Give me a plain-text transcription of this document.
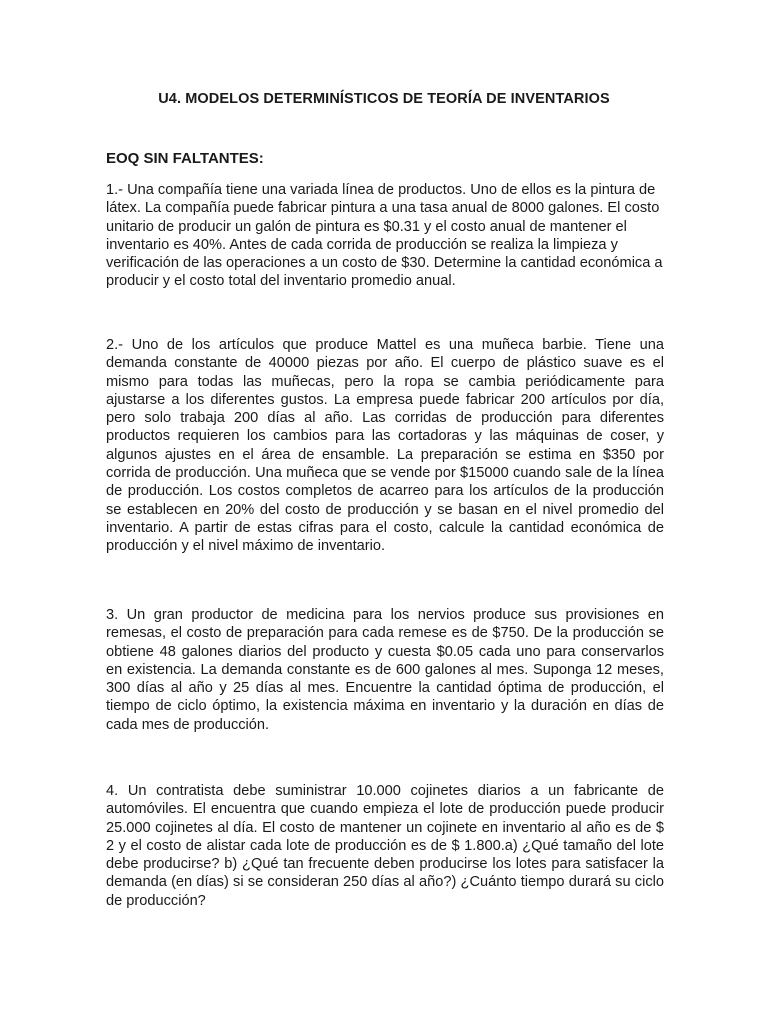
U4. MODELOS DETERMINÍSTICOS DE TEORÍA DE INVENTARIOS
EOQ SIN FALTANTES:

1.- Una compañía tiene una variada línea de productos. Uno de ellos es la pintura de látex. La compañía puede fabricar pintura a una tasa anual de 8000 galones. El costo unitario de producir un galón de pintura es $0.31 y el costo anual de mantener el inventario es 40%. Antes de cada corrida de producción se realiza la limpieza y verificación de las operaciones a un costo de $30. Determine la cantidad económica a producir y el costo total del inventario promedio anual.

2.- Uno de los artículos que produce Mattel es una muñeca barbie. Tiene una demanda constante de 40000 piezas por año. El cuerpo de plástico suave es el mismo para todas las muñecas, pero la ropa se cambia periódicamente para ajustarse a los diferentes gustos. La empresa puede fabricar 200 artículos por día, pero solo trabaja 200 días al año. Las corridas de producción para diferentes productos requieren los cambios para las cortadoras y las máquinas de coser, y algunos ajustes en el área de ensamble. La preparación se estima en $350 por corrida de producción. Una muñeca que se vende por $15000 cuando sale de la línea de producción. Los costos completos de acarreo para los artículos de la producción se establecen en 20% del costo de producción y se basan en el nivel promedio del inventario. A partir de estas cifras para el costo, calcule la cantidad económica de producción y el nivel máximo de inventario.

3. Un gran productor de medicina para los nervios produce sus provisiones en remesas, el costo de preparación para cada remese es de $750. De la producción se obtiene 48 galones diarios del producto y cuesta $0.05 cada uno para conservarlos en existencia. La demanda constante es de 600 galones al mes. Suponga 12 meses, 300 días al año y 25 días al mes. Encuentre la cantidad óptima de producción, el tiempo de ciclo óptimo, la existencia máxima en inventario y la duración en días de cada mes de producción.

4. Un contratista debe suministrar 10.000 cojinetes diarios a un fabricante de automóviles. El encuentra que cuando empieza el lote de producción puede producir 25.000 cojinetes al día. El costo de mantener un cojinete en inventario al año es de $ 2 y el costo de alistar cada lote de producción es de $ 1.800.a) ¿Qué tamaño del lote debe producirse? b) ¿Qué tan frecuente deben producirse los lotes para satisfacer la demanda (en días) si se consideran 250 días al año?) ¿Cuánto tiempo durará su ciclo de producción?
